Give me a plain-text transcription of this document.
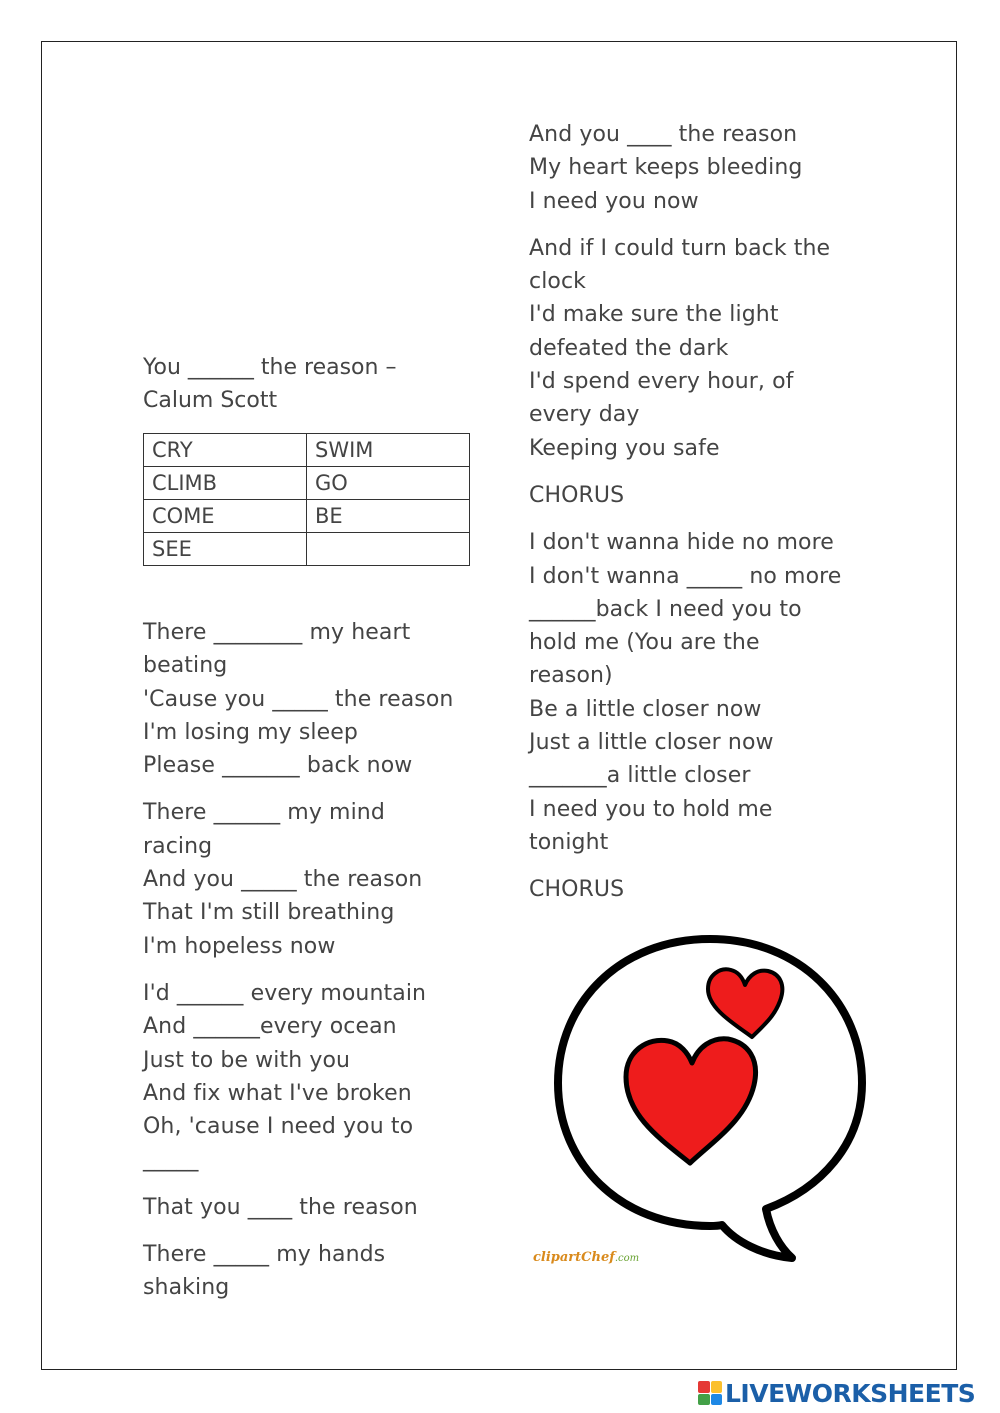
You ______ the reason –
Calum Scott
CRY	SWIM
CLIMB	GO
COME	BE
SEE	
There ________ my heart
beating
'Cause you _____ the reason
I'm losing my sleep
Please _______ back now
There ______ my mind
racing
And you _____ the reason
That I'm still breathing
I'm hopeless now
I'd ______ every mountain
And ______every ocean
Just to be with you
And fix what I've broken
Oh, 'cause I need you to
_____
That you ____ the reason
There _____ my hands
shaking
And you ____ the reason
My heart keeps bleeding
I need you now
And if I could turn back the
clock
I'd make sure the light
defeated the dark
I'd spend every hour, of
every day
Keeping you safe
CHORUS
I don't wanna hide no more
I don't wanna _____ no more
______back I need you to
hold me (You are the
reason)
Be a little closer now
Just a little closer now
_______a little closer
I need you to hold me
tonight
CHORUS
clipartChef.com
LIVEWORKSHEETS
